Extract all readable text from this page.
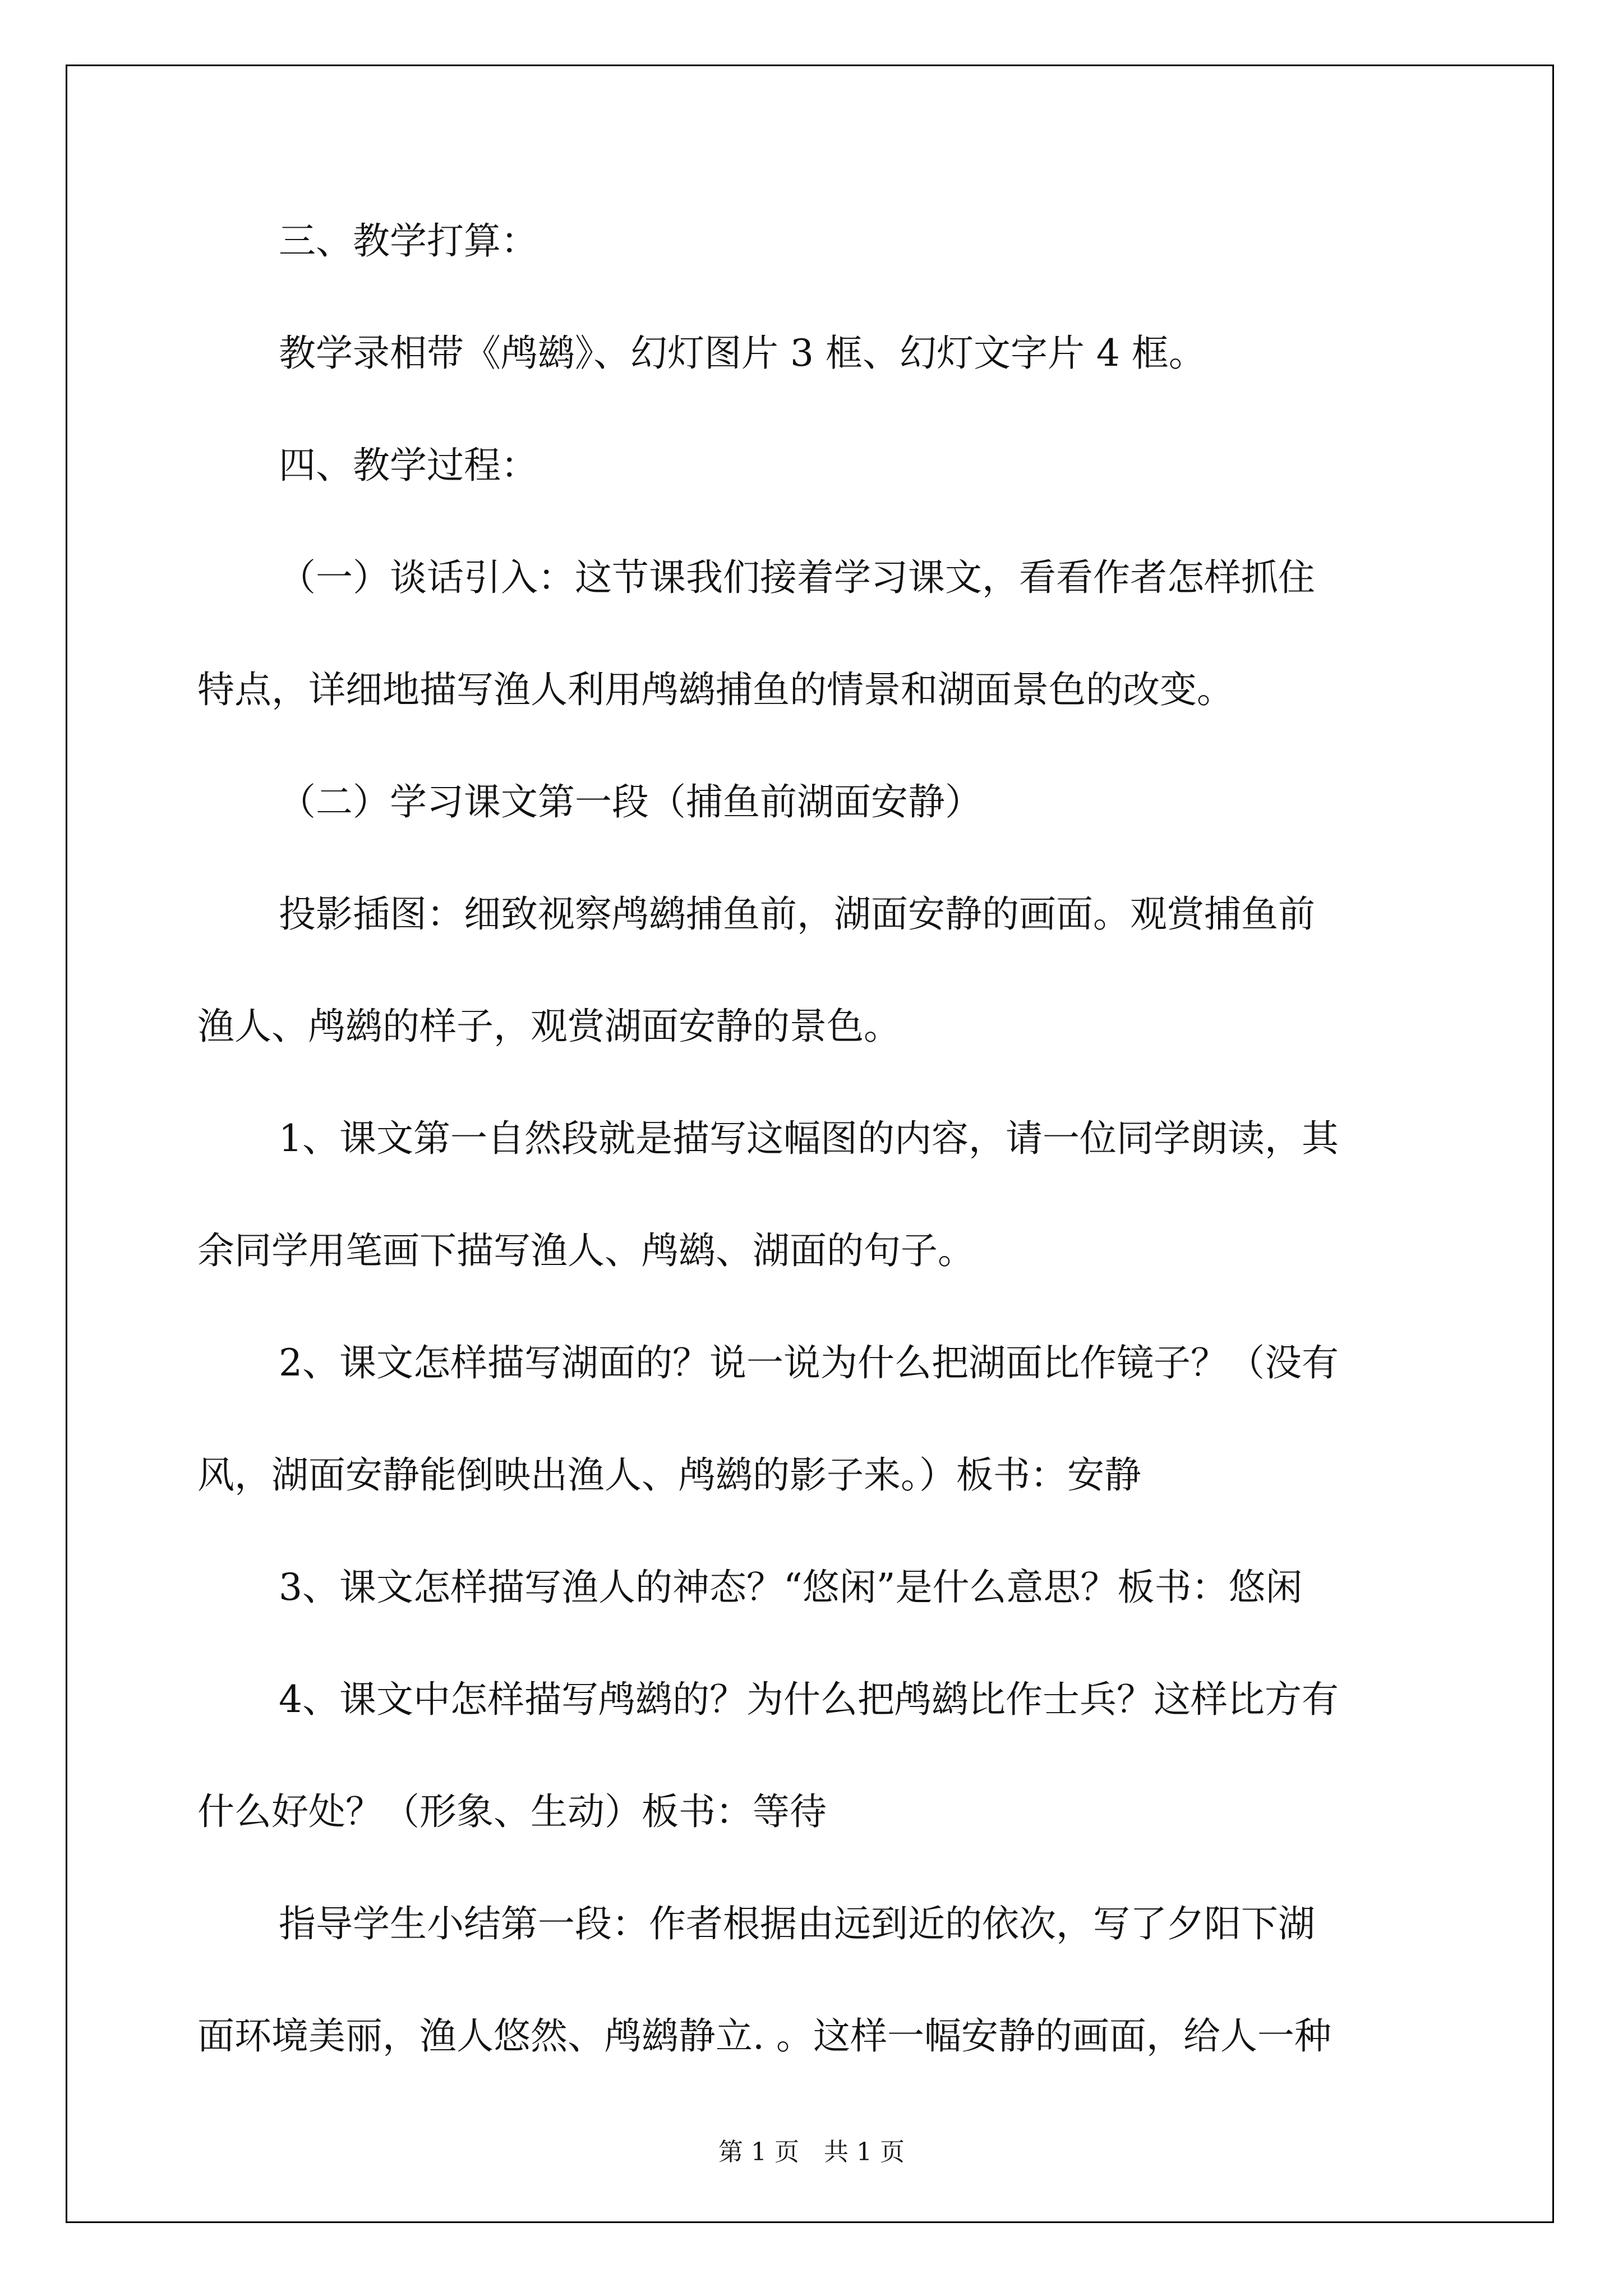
三、教学打算：
教学录相带《鸬鹚》、幻灯图片 3 框、幻灯文字片 4 框。
四、教学过程：
（一）谈话引入：这节课我们接着学习课文，看看作者怎样抓住
特点，详细地描写渔人利用鸬鹚捕鱼的情景和湖面景色的改变。
（二）学习课文第一段（捕鱼前湖面安静）
投影插图：细致视察鸬鹚捕鱼前，湖面安静的画面。观赏捕鱼前
渔人、鸬鹚的样子，观赏湖面安静的景色。
1、课文第一自然段就是描写这幅图的内容，请一位同学朗读，其
余同学用笔画下描写渔人、鸬鹚、湖面的句子。
2、课文怎样描写湖面的？说一说为什么把湖面比作镜子？（没有
风，湖面安静能倒映出渔人、鸬鹚的影子来。）板书：安静
3、课文怎样描写渔人的神态？“悠闲”是什么意思？板书：悠闲
4、课文中怎样描写鸬鹚的？为什么把鸬鹚比作士兵？这样比方有
什么好处？（形象、生动）板书：等待
指导学生小结第一段：作者根据由远到近的依次，写了夕阳下湖
面环境美丽，渔人悠然、鸬鹚静立. 。这样一幅安静的画面，给人一种
第 1 页　共 1 页
